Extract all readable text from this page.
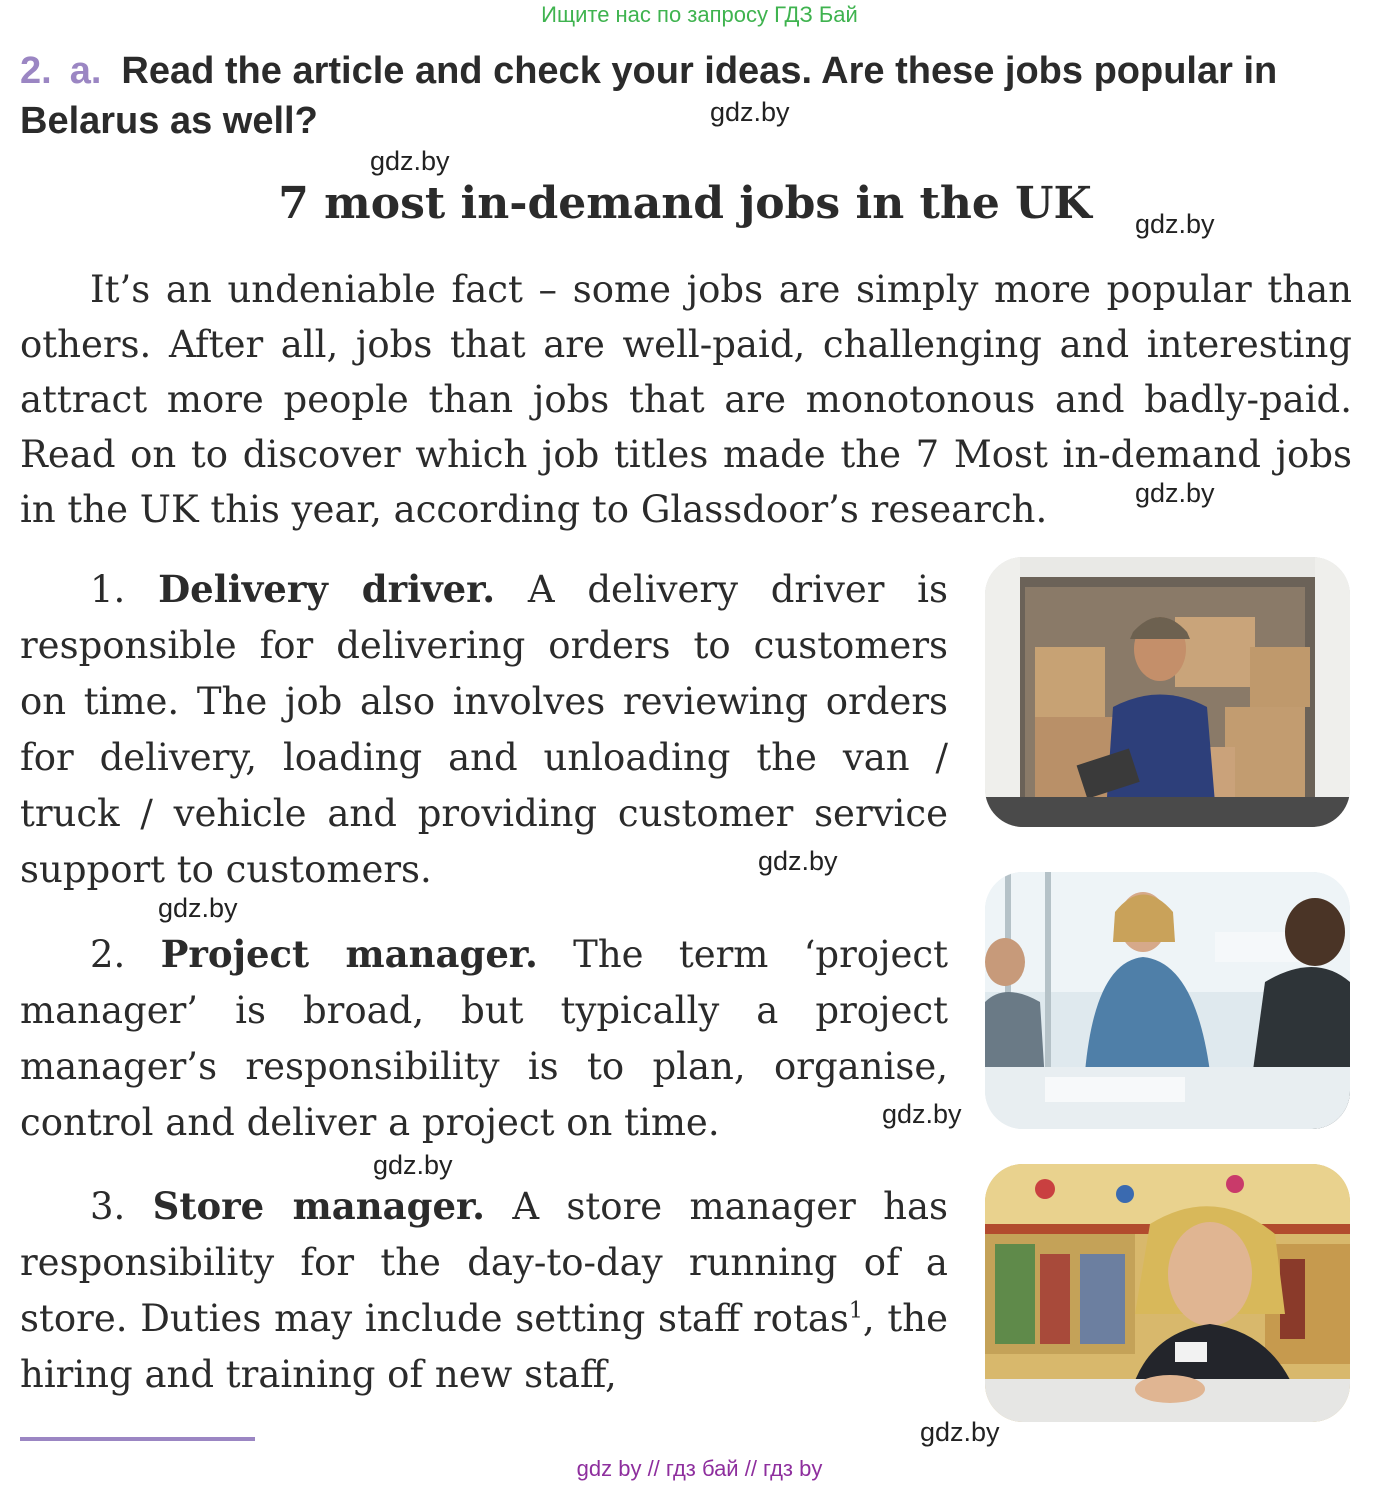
Ищите нас по запросу ГДЗ Бай
2. a. Read the article and check your ideas. Are these jobs popular in Belarus as well?	gdz.by
gdz.by
gdz.by
gdz.by
gdz.by
gdz.by
gdz.by
gdz.by
gdz.by
7 most in-demand jobs in the UK
It’s an undeniable fact – some jobs are simply more popular than others. After all, jobs that are well-paid, challenging and interesting attract more people than jobs that are monotonous and badly-paid. Read on to discover which job titles made the 7 Most in-demand jobs in the UK this year, according to Glassdoor’s research.
1. Delivery driver. A delivery driver is responsible for delivering orders to customers on time. The job also involves reviewing orders for delivery, loading and unloading the van / truck / vehicle and providing customer service support to customers.
2. Project manager. The term ‘project manager’ is broad, but typically a project manager’s responsibility is to plan, organise, control and deliver a project on time.
3. Store manager. A store manager has responsibility for the day-to-day running of a store. Duties may include setting staff rotas$^1$, the hiring and training of new staff,
gdz by // гдз бай // гдз by
